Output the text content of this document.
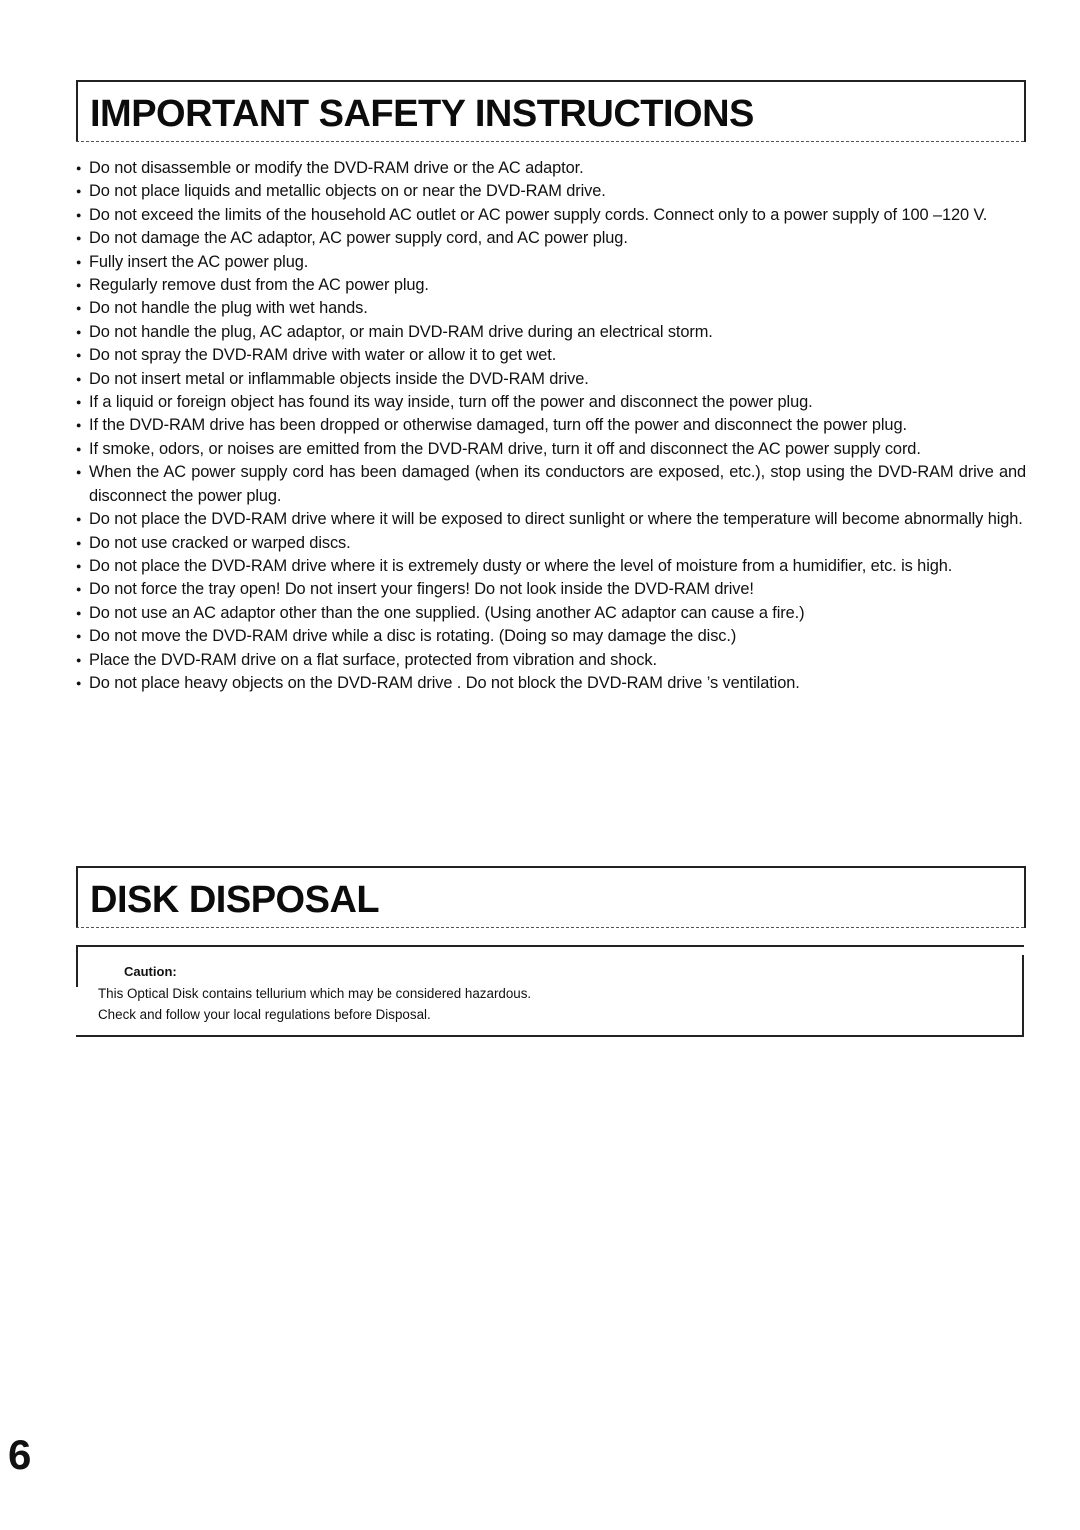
IMPORTANT SAFETY INSTRUCTIONS
● Do not disassemble or modify the DVD-RAM drive or the AC adaptor.
● Do not place liquids and metallic objects on or near the DVD-RAM drive.
● Do not exceed the limits of the household AC outlet or AC power supply cords. Connect only to a power supply of 100 –120 V.
● Do not damage the AC adaptor, AC power supply cord, and AC power plug.
● Fully insert the AC power plug.
● Regularly remove dust from the AC power plug.
● Do not handle the plug with wet hands.
● Do not handle the plug, AC adaptor, or main DVD-RAM drive during an electrical storm.
● Do not spray the DVD-RAM drive with water or allow it to get wet.
● Do not insert metal or inflammable objects inside the DVD-RAM drive.
● If a liquid or foreign object has found its way inside, turn off the power and disconnect the power plug.
● If the DVD-RAM drive has been dropped or otherwise damaged, turn off the power and disconnect the power plug.
● If smoke, odors, or noises are emitted from the DVD-RAM drive, turn it off and disconnect the AC power supply cord.
● When the AC power supply cord has been damaged (when its conductors are exposed, etc.), stop using the DVD-RAM drive and disconnect the power plug.
● Do not place the DVD-RAM drive where it will be exposed to direct sunlight or where the temperature will become abnormally high.
● Do not use cracked or warped discs.
● Do not place the DVD-RAM drive where it is extremely dusty or where the level of moisture from a humidifier, etc. is high.
● Do not force the tray open! Do not insert your fingers! Do not look inside the DVD-RAM drive!
● Do not use an AC adaptor other than the one supplied. (Using another AC adaptor can cause a fire.)
● Do not move the DVD-RAM drive while a disc is rotating. (Doing so may damage the disc.)
● Place the DVD-RAM drive on a flat surface, protected from vibration and shock.
● Do not place heavy objects on the DVD-RAM drive . Do not block the DVD-RAM drive ’s ventilation.
DISK DISPOSAL
Caution:
This Optical Disk contains tellurium which may be considered hazardous.
Check and follow your local regulations before Disposal.
6
